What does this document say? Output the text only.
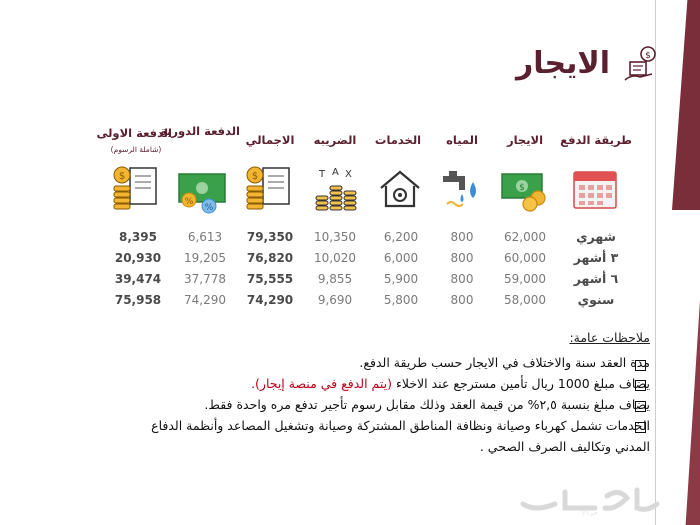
الايجار	$
طريقة الدفع
الايجار
المياه
الخدمات
الضريبه
الاجمالي
الدفعة الدورية
الدفعة الاولى
(شاملة الرسوم)
$
T A X
$
%
%
$
شهري
62,000
800
6,200
10,350
79,350
6,613
8,395
٣ أشهر
60,000
800
6,000
10,020
76,820
19,205
20,930
٦ أشهر
59,000
800
5,900
9,855
75,555
37,778
39,474
سنوي
58,000
800
5,800
9,690
74,290
74,290
75,958
ملاحظات عامة:
مدة العقد سنة والاختلاف في الايجار حسب طريقة الدفع.
يضاف مبلغ 1000 ريال تأمين مسترجع عند الاخلاء (يتم الدفع في منصة إيجار).
يضاف مبلغ بنسبة ٢,٥% من قيمة العقد وذلك مقابل رسوم تأجير تدفع مره واحدة فقط.
الخدمات تشمل كهرباء وصيانة ونظافة المناطق المشتركة وصيانة وتشغيل المصاعد وأنظمة الدفاع
المدني وتكاليف الصرف الصحي .
حراج
